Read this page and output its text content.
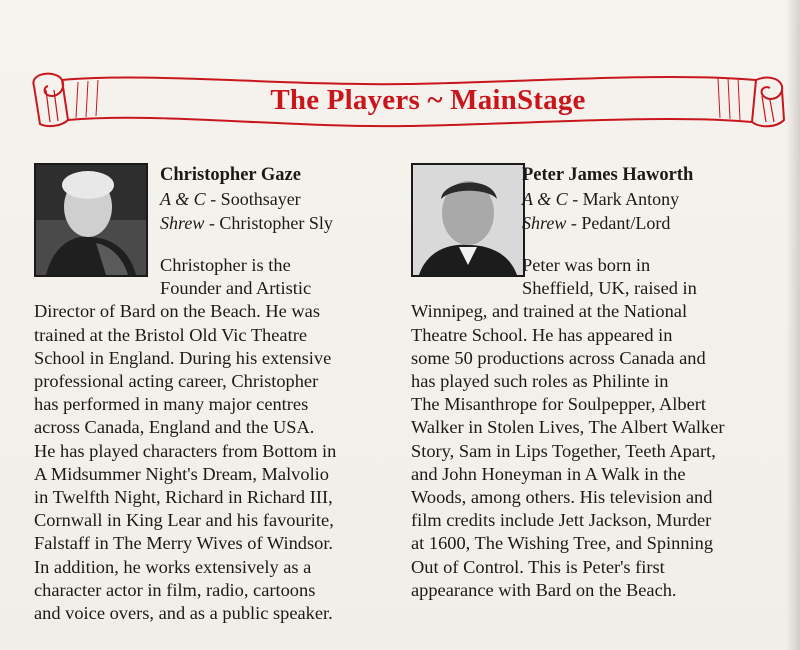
The Players ~ MainStage
Christopher Gaze
A & C - Soothsayer
Shrew - Christopher Sly
Christopher is the
Founder and Artistic
Director of Bard on the Beach. He was
trained at the Bristol Old Vic Theatre
School in England. During his extensive
professional acting career, Christopher
has performed in many major centres
across Canada, England and the USA.
He has played characters from Bottom in
A Midsummer Night's Dream, Malvolio
in Twelfth Night, Richard in Richard III,
Cornwall in King Lear and his favourite,
Falstaff in The Merry Wives of Windsor.
In addition, he works extensively as a
character actor in film, radio, cartoons
and voice overs, and as a public speaker.
Peter James Haworth
A & C - Mark Antony
Shrew - Pedant/Lord
Peter was born in
Sheffield, UK, raised in
Winnipeg, and trained at the National
Theatre School. He has appeared in
some 50 productions across Canada and
has played such roles as Philinte in
The Misanthrope for Soulpepper, Albert
Walker in Stolen Lives, The Albert Walker
Story, Sam in Lips Together, Teeth Apart,
and John Honeyman in A Walk in the
Woods, among others. His television and
film credits include Jett Jackson, Murder
at 1600, The Wishing Tree, and Spinning
Out of Control. This is Peter's first
appearance with Bard on the Beach.
